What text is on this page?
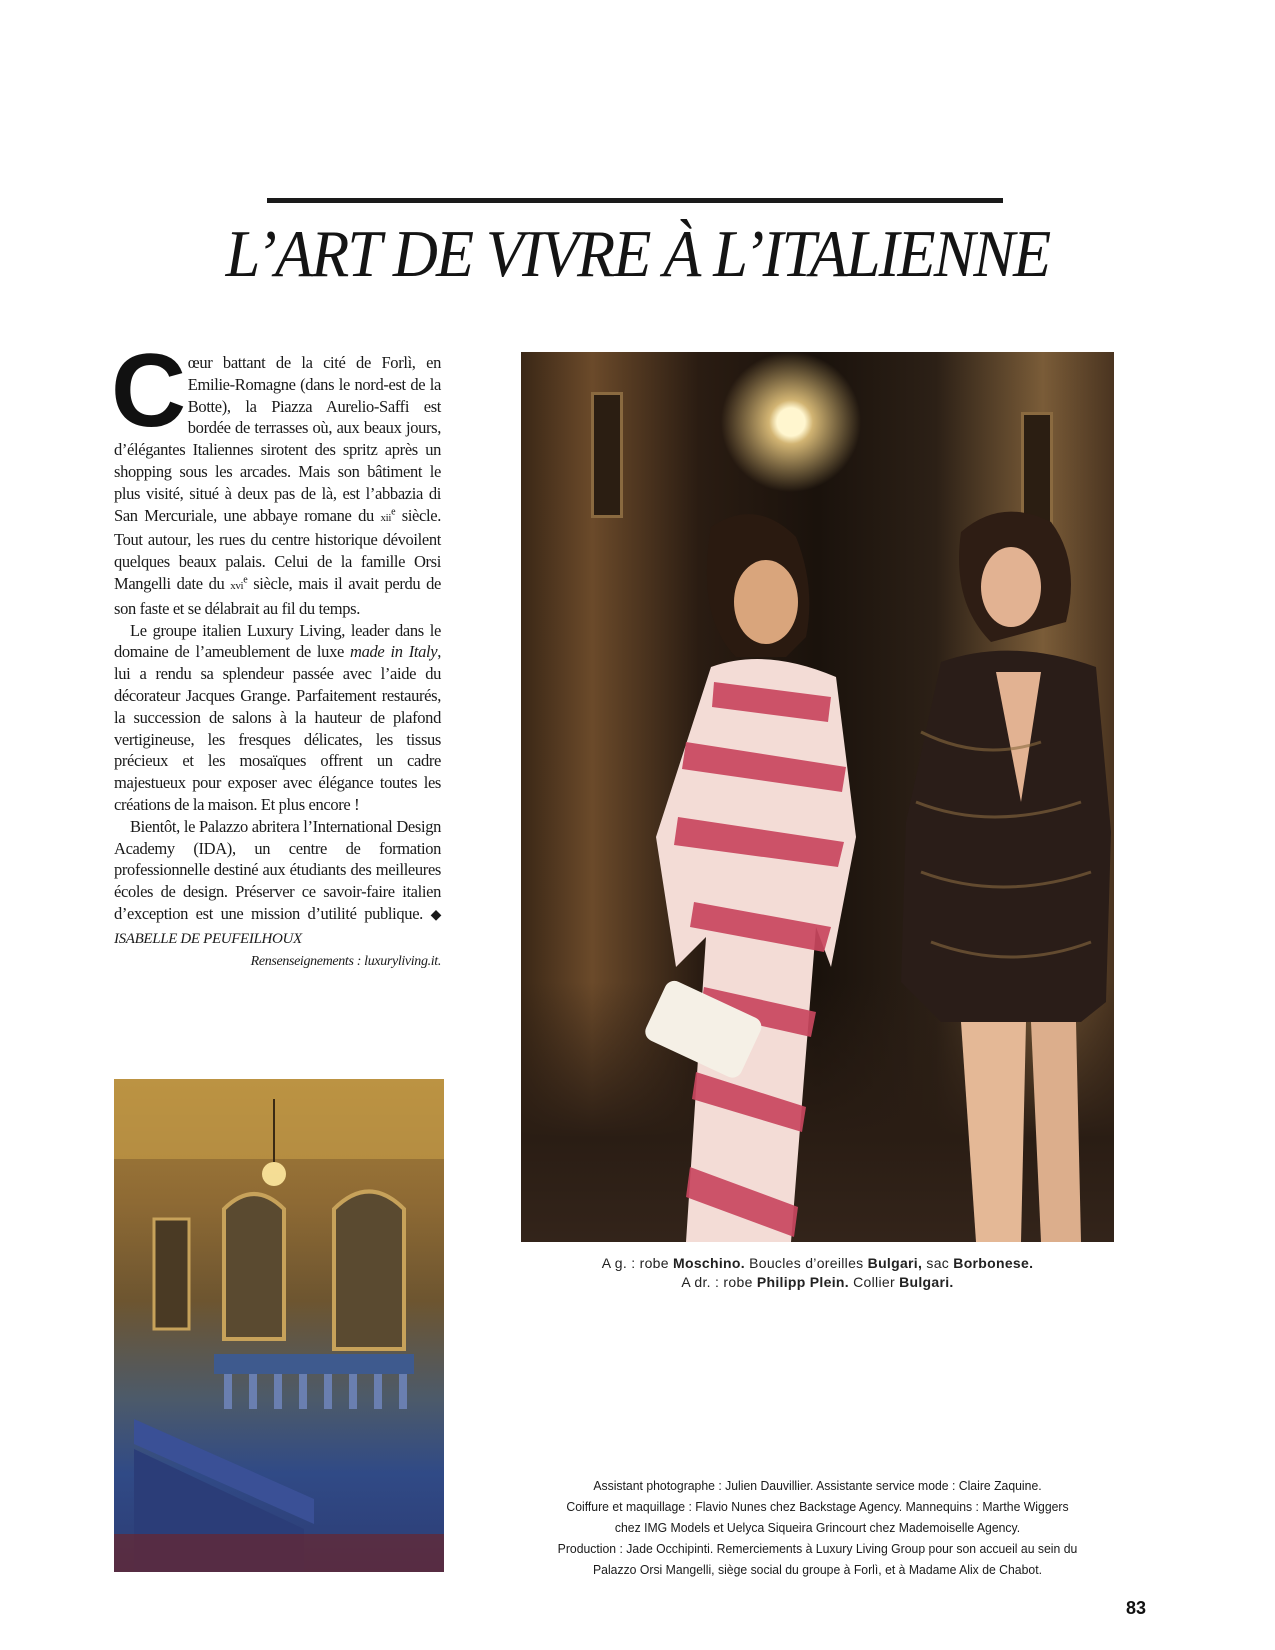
L’ART DE VIVRE À L’ITALIENNE

Cœur battant de la cité de Forlì, en Emilie-Romagne (dans le nord-est de la Botte), la Piazza Aurelio-Saffi est bordée de terrasses où, aux beaux jours, d’élégantes Italiennes sirotent des spritz après un shopping sous les arcades. Mais son bâtiment le plus visité, situé à deux pas de là, est l’abbazia di San Mercuriale, une abbaye romane du xii$^e$ siècle. Tout autour, les rues du centre historique dévoilent quelques beaux palais. Celui de la famille Orsi Mangelli date du xvi$^e$ siècle, mais il avait perdu de son faste et se délabrait au fil du temps.

Le groupe italien Luxury Living, leader dans le domaine de l’ameublement de luxe made in Italy, lui a rendu sa splendeur passée avec l’aide du décorateur Jacques Grange. Parfaitement restaurés, la succession de salons à la hauteur de plafond vertigineuse, les fresques délicates, les tissus précieux et les mosaïques offrent un cadre majestueux pour exposer avec élégance toutes les créations de la maison. Et plus encore !

Bientôt, le Palazzo abritera l’International Design Academy (IDA), un centre de formation professionnelle destiné aux étudiants des meilleures écoles de design. Préserver ce savoir-faire italien d’exception est une mission d’utilité publique. ◆ ISABELLE DE PEUFEILHOUX

Rensenseignements : luxuryliving.it.

A g. : robe Moschino. Boucles d’oreilles Bulgari, sac Borbonese.
A dr. : robe Philipp Plein. Collier Bulgari.
Assistant photographe : Julien Dauvillier. Assistante service mode : Claire Zaquine.
Coiffure et maquillage : Flavio Nunes chez Backstage Agency. Mannequins : Marthe Wiggers
chez IMG Models et Uelyca Siqueira Grincourt chez Mademoiselle Agency.
Production : Jade Occhipinti. Remerciements à Luxury Living Group pour son accueil au sein du
Palazzo Orsi Mangelli, siège social du groupe à Forlì, et à Madame Alix de Chabot.
83
